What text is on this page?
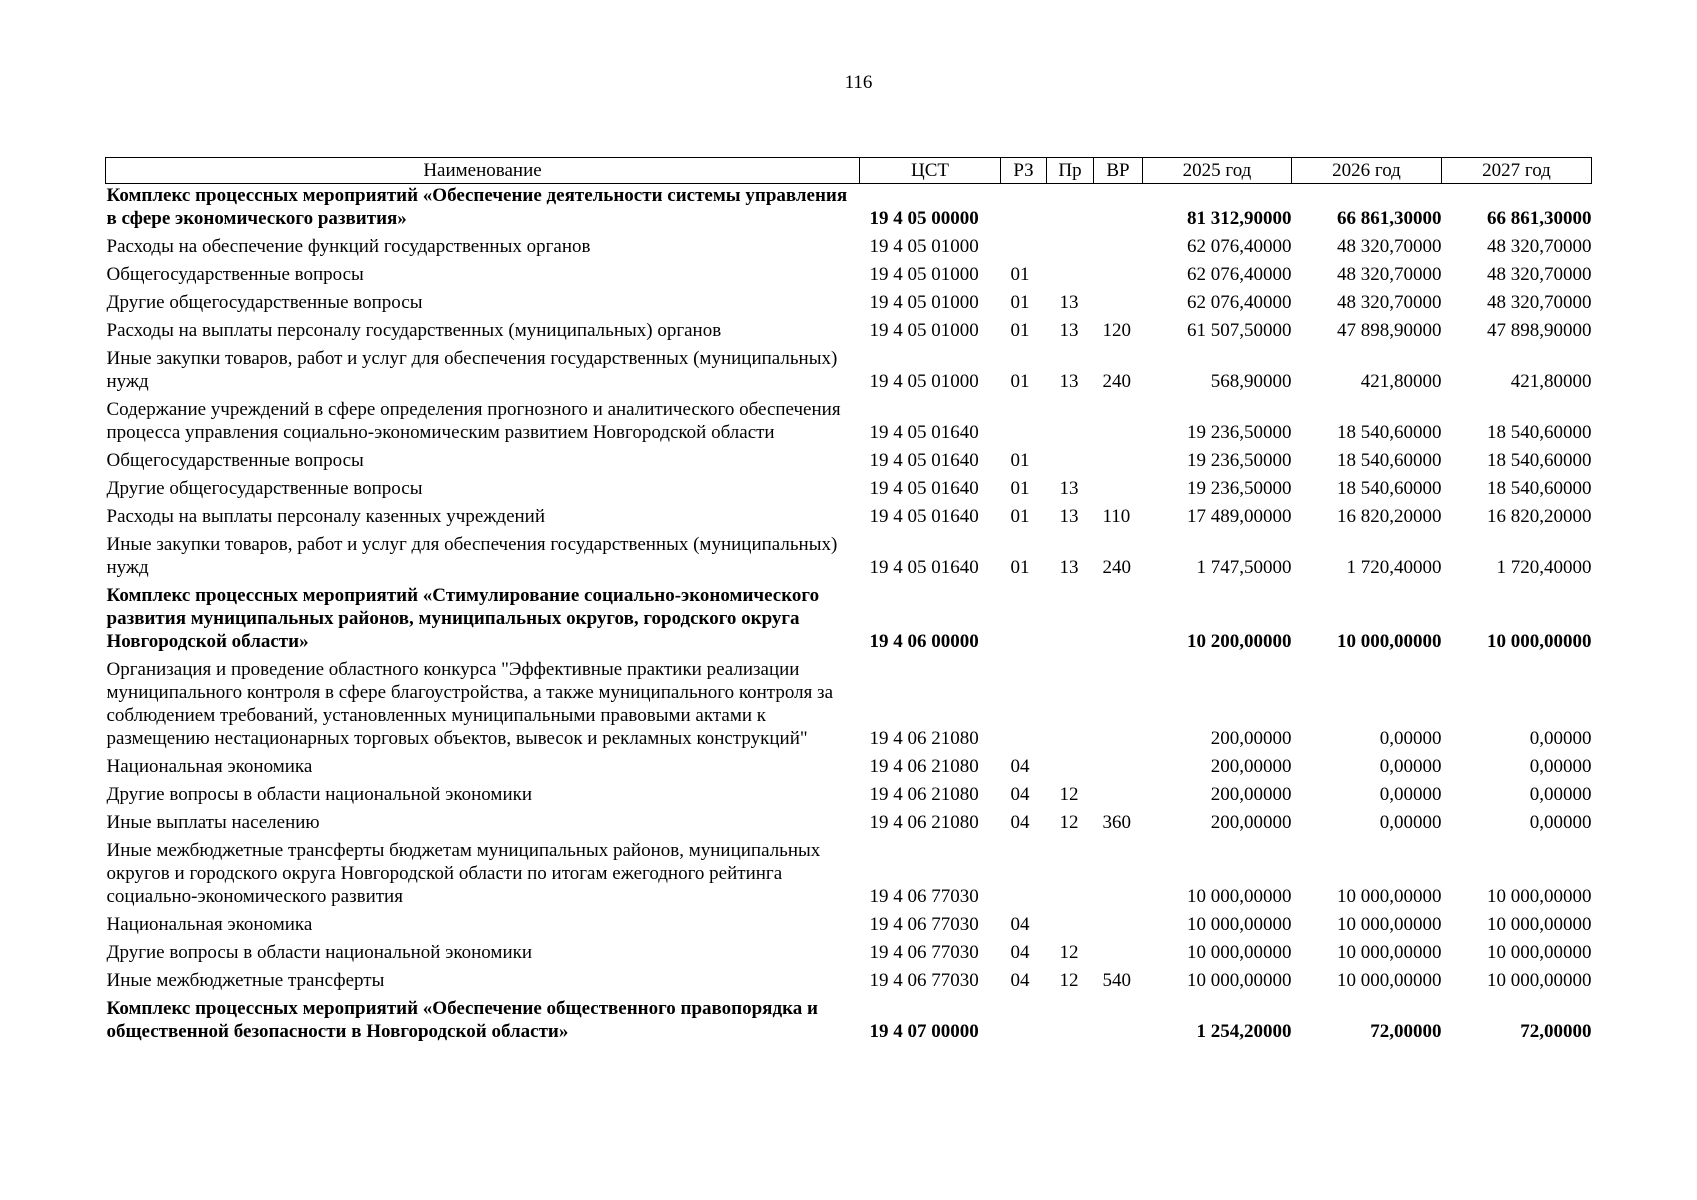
116
Наименование	ЦСТ	РЗ	Пр	ВР	2025 год	2026 год	2027 год
Комплекс процессных мероприятий «Обеспечение деятельности системы управления в сфере экономического развития»	19 4 05 00000				81 312,90000	66 861,30000	66 861,30000
Расходы на обеспечение функций государственных органов	19 4 05 01000				62 076,40000	48 320,70000	48 320,70000
Общегосударственные вопросы	19 4 05 01000	01			62 076,40000	48 320,70000	48 320,70000
Другие общегосударственные вопросы	19 4 05 01000	01	13		62 076,40000	48 320,70000	48 320,70000
Расходы на выплаты персоналу государственных (муниципальных) органов	19 4 05 01000	01	13	120	61 507,50000	47 898,90000	47 898,90000
Иные закупки товаров, работ и услуг для обеспечения государственных (муниципальных) нужд	19 4 05 01000	01	13	240	568,90000	421,80000	421,80000
Содержание учреждений в сфере определения прогнозного и аналитического обеспечения процесса управления социально-экономическим развитием Новгородской области	19 4 05 01640				19 236,50000	18 540,60000	18 540,60000
Общегосударственные вопросы	19 4 05 01640	01			19 236,50000	18 540,60000	18 540,60000
Другие общегосударственные вопросы	19 4 05 01640	01	13		19 236,50000	18 540,60000	18 540,60000
Расходы на выплаты персоналу казенных учреждений	19 4 05 01640	01	13	110	17 489,00000	16 820,20000	16 820,20000
Иные закупки товаров, работ и услуг для обеспечения государственных (муниципальных) нужд	19 4 05 01640	01	13	240	1 747,50000	1 720,40000	1 720,40000
Комплекс процессных мероприятий «Стимулирование социально-экономического развития муниципальных районов, муниципальных округов, городского округа Новгородской области»	19 4 06 00000				10 200,00000	10 000,00000	10 000,00000
Организация и проведение областного конкурса "Эффективные практики реализации муниципального контроля в сфере благоустройства, а также муниципального контроля за соблюдением требований, установленных муниципальными правовыми актами к размещению нестационарных торговых объектов, вывесок и рекламных конструкций"	19 4 06 21080				200,00000	0,00000	0,00000
Национальная экономика	19 4 06 21080	04			200,00000	0,00000	0,00000
Другие вопросы в области национальной экономики	19 4 06 21080	04	12		200,00000	0,00000	0,00000
Иные выплаты населению	19 4 06 21080	04	12	360	200,00000	0,00000	0,00000
Иные межбюджетные трансферты бюджетам муниципальных районов, муниципальных округов и городского округа Новгородской области по итогам ежегодного рейтинга социально-экономического развития	19 4 06 77030				10 000,00000	10 000,00000	10 000,00000
Национальная экономика	19 4 06 77030	04			10 000,00000	10 000,00000	10 000,00000
Другие вопросы в области национальной экономики	19 4 06 77030	04	12		10 000,00000	10 000,00000	10 000,00000
Иные межбюджетные трансферты	19 4 06 77030	04	12	540	10 000,00000	10 000,00000	10 000,00000
Комплекс процессных мероприятий «Обеспечение общественного правопорядка и общественной безопасности в Новгородской области»	19 4 07 00000				1 254,20000	72,00000	72,00000
